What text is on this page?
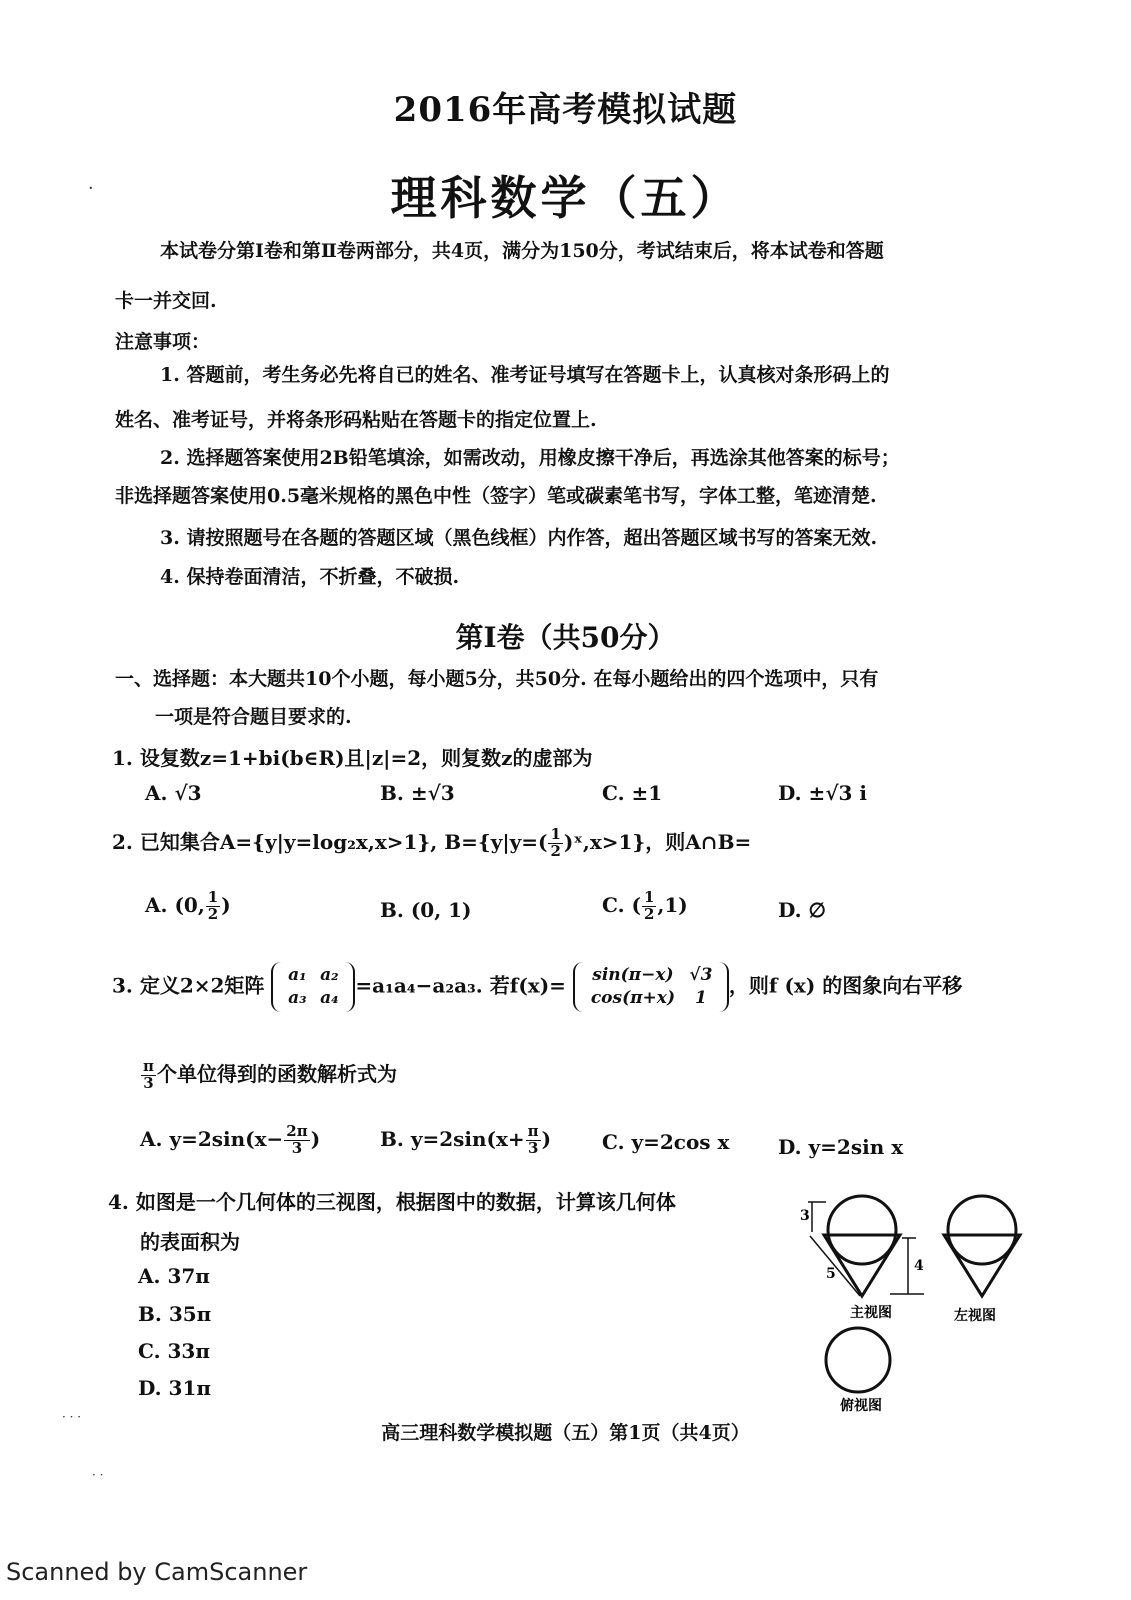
2016年高考模拟试题
·	理科数学（五）
本试卷分第Ⅰ卷和第Ⅱ卷两部分，共4页，满分为150分，考试结束后，将本试卷和答题
卡一并交回.
注意事项：
1. 答题前，考生务必先将自已的姓名、准考证号填写在答题卡上，认真核对条形码上的
姓名、准考证号，并将条形码粘贴在答题卡的指定位置上.
2. 选择题答案使用2B铅笔填涂，如需改动，用橡皮擦干净后，再选涂其他答案的标号；
非选择题答案使用0.5毫米规格的黑色中性（签字）笔或碳素笔书写，字体工整，笔迹清楚.
3. 请按照题号在各题的答题区域（黑色线框）内作答，超出答题区域书写的答案无效.
4. 保持卷面清洁，不折叠，不破损.
第Ⅰ卷（共50分）
一、选择题：本大题共10个小题，每小题5分，共50分. 在每小题给出的四个选项中，只有
一项是符合题目要求的.
1. 设复数z=1+bi(b∈R)且|z|=2，则复数z的虚部为
A. √3	B. ±√3	C. ±1	D. ±√3 i
2. 已知集合A={y|y=log₂x,x>1}, $B=\{y|y=( \frac{1}{2}$ )ˣ,x>1}，则A∩B=
A. (0, $\frac{1}{2}$ )	B. (0, 1)	C. ( $\frac{1}{2} ,1$)	D. ∅
3. 定义2×2矩阵 a₁ a₂
a₃ a₄=a₁a₄−a₂a₃. 若f(x)= sin(π−x) √3
cos(π+x) 1，则f (x) 的图象向右平移
$\frac{\pi}{3}$ 个单位得到的函数解析式为
A. $y=2\sin(x- \frac{2\pi}{3}$ )	B. $y=2\sin(x+ \frac{\pi}{3}$ )	C. y=2cos x D. y=2sin x
4. 如图是一个几何体的三视图，根据图中的数据，计算该几何体
的表面积为
A. 37π
B. 35π
C. 33π
D. 31π
3
4
5
主视图	左视图
俯视图
· · ·
· ·
高三理科数学模拟题（五）第1页（共4页）
Scanned by CamScanner
